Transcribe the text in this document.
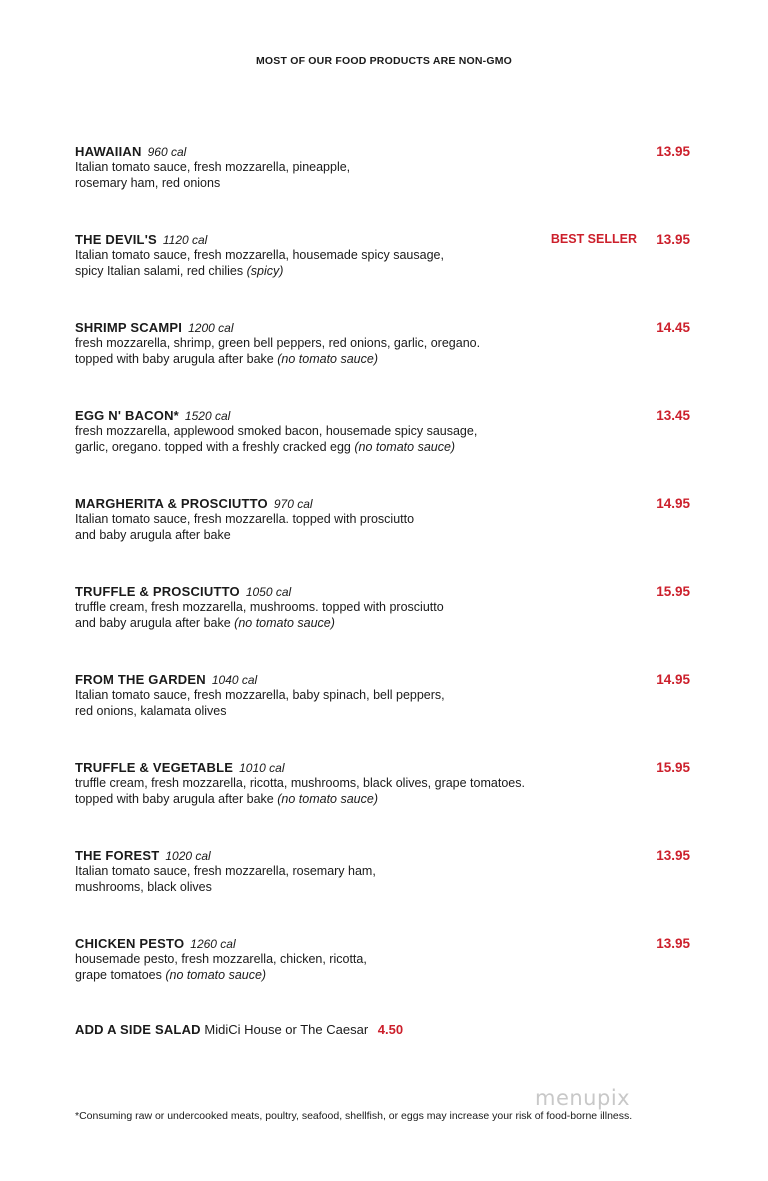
MOST OF OUR FOOD PRODUCTS ARE NON-GMO
HAWAIIAN 960 cal	13.95
Italian tomato sauce, fresh mozzarella, pineapple,
rosemary ham, red onions
THE DEVIL'S 1120 cal	BEST SELLER 13.95
Italian tomato sauce, fresh mozzarella, housemade spicy sausage,
spicy Italian salami, red chilies (spicy)
SHRIMP SCAMPI 1200 cal	14.45
fresh mozzarella, shrimp, green bell peppers, red onions, garlic, oregano.
topped with baby arugula after bake (no tomato sauce)
EGG N' BACON* 1520 cal	13.45
fresh mozzarella, applewood smoked bacon, housemade spicy sausage,
garlic, oregano. topped with a freshly cracked egg (no tomato sauce)
MARGHERITA & PROSCIUTTO 970 cal	14.95
Italian tomato sauce, fresh mozzarella. topped with prosciutto
and baby arugula after bake
TRUFFLE & PROSCIUTTO 1050 cal	15.95
truffle cream, fresh mozzarella, mushrooms. topped with prosciutto
and baby arugula after bake (no tomato sauce)
FROM THE GARDEN 1040 cal	14.95
Italian tomato sauce, fresh mozzarella, baby spinach, bell peppers,
red onions, kalamata olives
TRUFFLE & VEGETABLE 1010 cal	15.95
truffle cream, fresh mozzarella, ricotta, mushrooms, black olives, grape tomatoes.
topped with baby arugula after bake (no tomato sauce)
THE FOREST 1020 cal	13.95
Italian tomato sauce, fresh mozzarella, rosemary ham,
mushrooms, black olives
CHICKEN PESTO 1260 cal	13.95
housemade pesto, fresh mozzarella, chicken, ricotta,
grape tomatoes (no tomato sauce)
ADD A SIDE SALAD MidiCi House or The Caesar 4.50
menupix
*Consuming raw or undercooked meats, poultry, seafood, shellfish, or eggs may increase your risk of food-borne illness.
